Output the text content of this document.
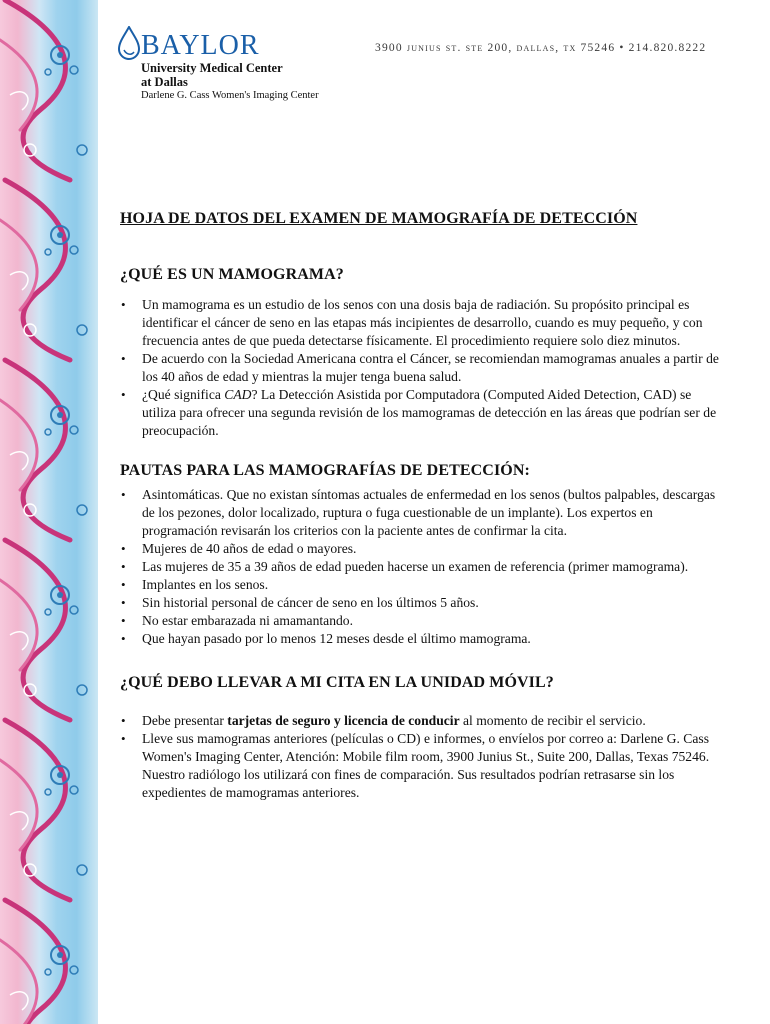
BAYLOR
University Medical Center
at Dallas
Darlene G. Cass Women's Imaging Center
3900 junius st. ste 200, dallas, tx 75246 • 214.820.8222
HOJA DE DATOS DEL EXAMEN DE MAMOGRAFÍA DE DETECCIÓN
¿QUÉ ES UN MAMOGRAMA?
• Un mamograma es un estudio de los senos con una dosis baja de radiación. Su propósito principal es identificar el cáncer de seno en las etapas más incipientes de desarrollo, cuando es muy pequeño, y con frecuencia antes de que pueda detectarse físicamente. El procedimiento requiere solo diez minutos.
• De acuerdo con la Sociedad Americana contra el Cáncer, se recomiendan mamogramas anuales a partir de los 40 años de edad y mientras la mujer tenga buena salud.
• ¿Qué significa CAD? La Detección Asistida por Computadora (Computed Aided Detection, CAD) se utiliza para ofrecer una segunda revisión de los mamogramas de detección en las áreas que podrían ser de preocupación.
PAUTAS PARA LAS MAMOGRAFÍAS DE DETECCIÓN:
• Asintomáticas. Que no existan síntomas actuales de enfermedad en los senos (bultos palpables, descargas de los pezones, dolor localizado, ruptura o fuga cuestionable de un implante). Los expertos en programación revisarán los criterios con la paciente antes de confirmar la cita.
• Mujeres de 40 años de edad o mayores.
• Las mujeres de 35 a 39 años de edad pueden hacerse un examen de referencia (primer mamograma).
• Implantes en los senos.
• Sin historial personal de cáncer de seno en los últimos 5 años.
• No estar embarazada ni amamantando.
• Que hayan pasado por lo menos 12 meses desde el último mamograma.
¿QUÉ DEBO LLEVAR A MI CITA EN LA UNIDAD MÓVIL?
• Debe presentar tarjetas de seguro y licencia de conducir al momento de recibir el servicio.
• Lleve sus mamogramas anteriores (películas o CD) e informes, o envíelos por correo a: Darlene G. Cass Women's Imaging Center, Atención: Mobile film room, 3900 Junius St., Suite 200, Dallas, Texas 75246. Nuestro radiólogo los utilizará con fines de comparación. Sus resultados podrían retrasarse sin los expedientes de mamogramas anteriores.
